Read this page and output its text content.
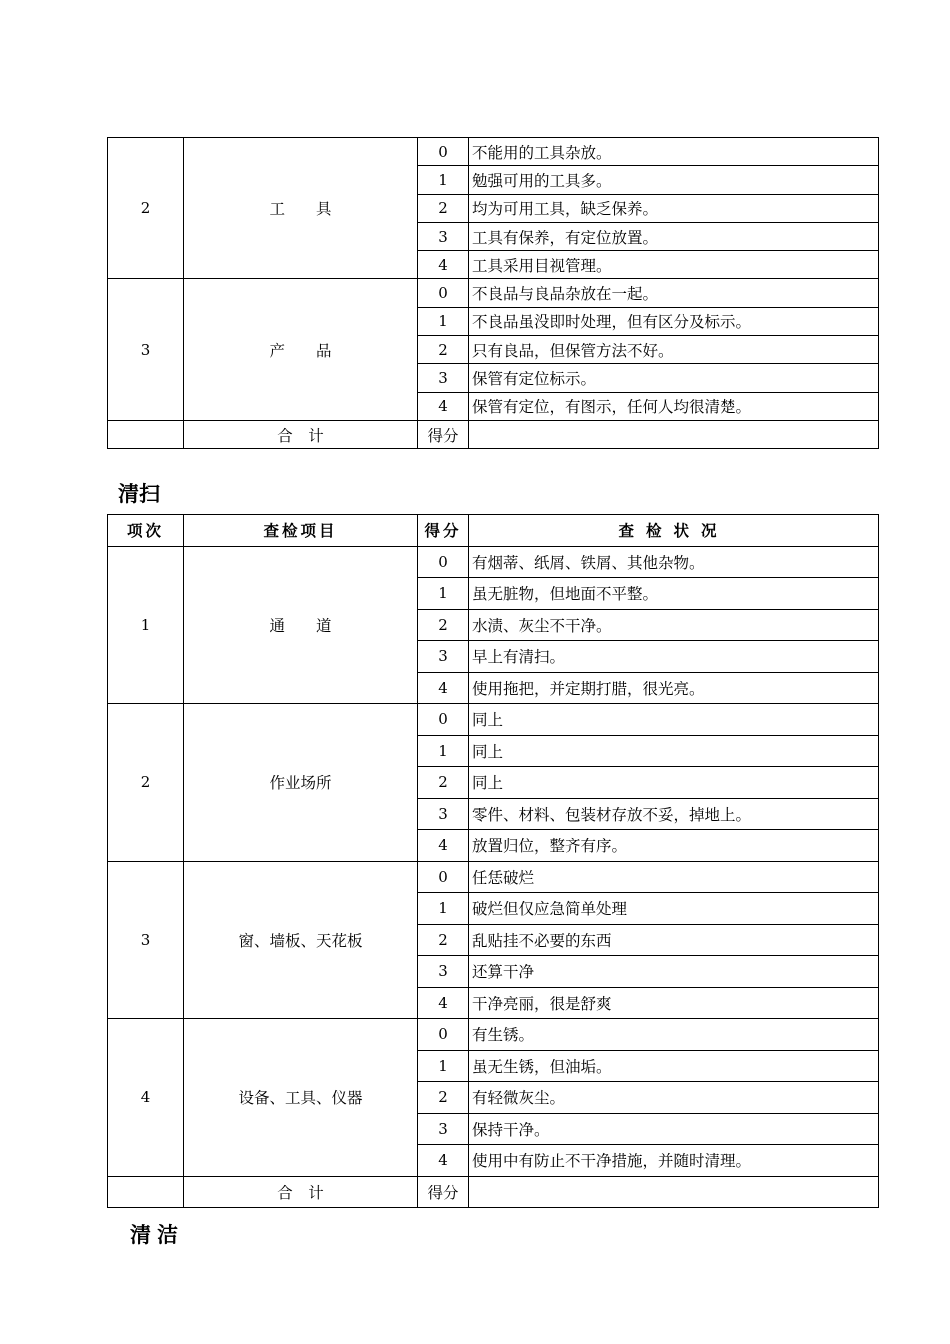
2	工　　具	0	不能用的工具杂放。
		1	勉强可用的工具多。
		2	均为可用工具，缺乏保养。
		3	工具有保养，有定位放置。
		4	工具采用目视管理。
3	产　　品	0	不良品与良品杂放在一起。
		1	不良品虽没即时处理，但有区分及标示。
		2	只有良品，但保管方法不好。
		3	保管有定位标示。
		4	保管有定位，有图示，任何人均很清楚。
	合　计	得分	
清扫
项次	查检项目	得分	查检状况
1	通　　道	0	有烟蒂、纸屑、铁屑、其他杂物。
		1	虽无脏物，但地面不平整。
		2	水渍、灰尘不干净。
		3	早上有清扫。
		4	使用拖把，并定期打腊，很光亮。
2	作业场所	0	同上
		1	同上
		2	同上
		3	零件、材料、包装材存放不妥，掉地上。
		4	放置归位，整齐有序。
3	窗、墙板、天花板	0	任恁破烂
		1	破烂但仅应急简单处理
		2	乱贴挂不必要的东西
		3	还算干净
		4	干净亮丽，很是舒爽
4	设备、工具、仪器	0	有生锈。
		1	虽无生锈，但油垢。
		2	有轻微灰尘。
		3	保持干净。
		4	使用中有防止不干净措施，并随时清理。
	合　计	得分	
清洁
